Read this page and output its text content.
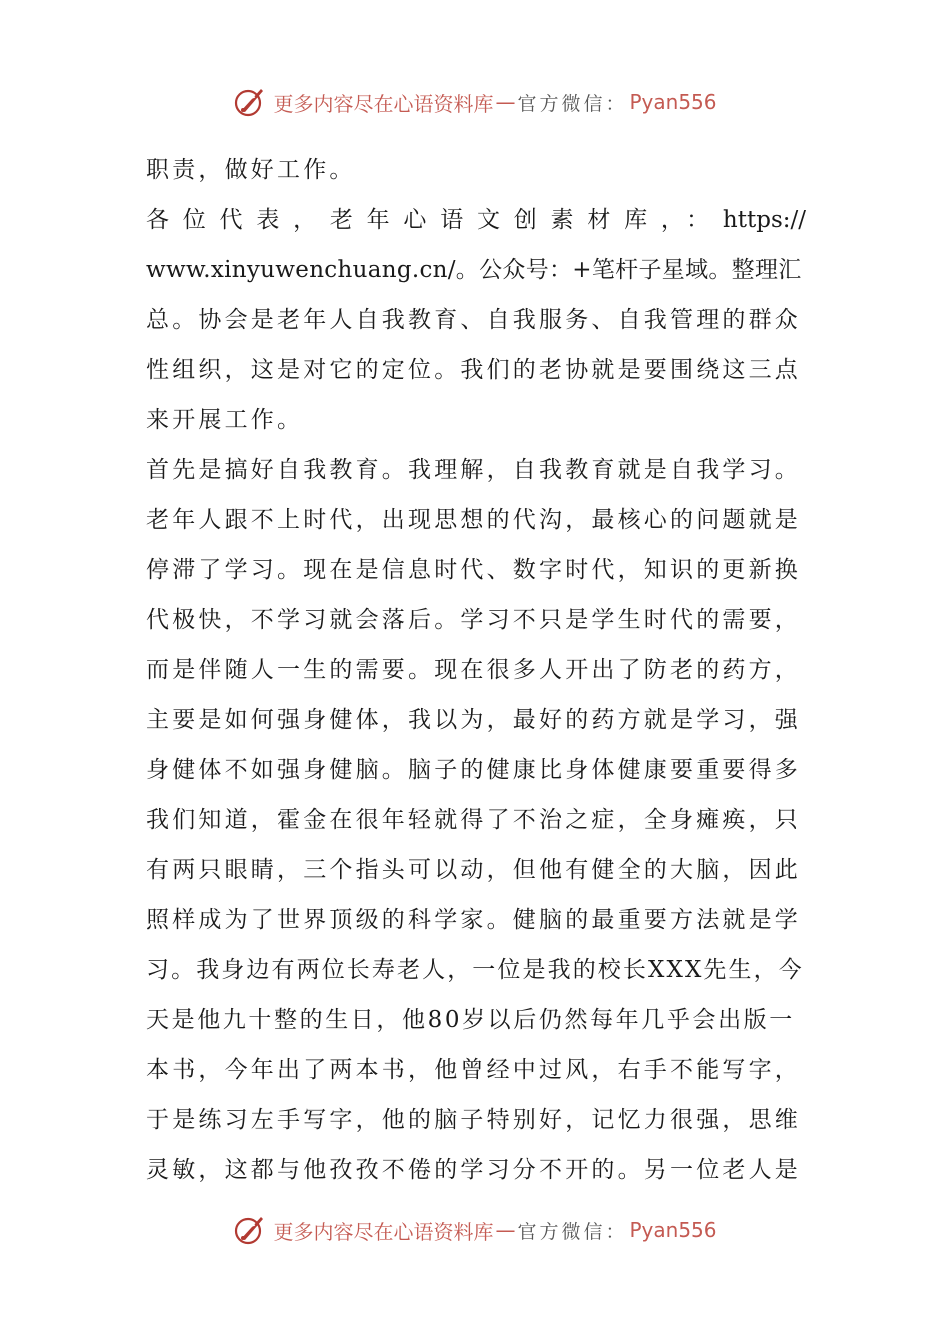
更多内容尽在心语资料库 — 官方微信： Pyan556
职责，做好工作。
各位代表，老年心语文创素材库，：https://
www.xinyuwenchuang.cn/。公众号：+笔杆子星域。整理汇
总。协会是老年人自我教育、自我服务、自我管理的群众
性组织，这是对它的定位。我们的老协就是要围绕这三点
来开展工作。
首先是搞好自我教育。我理解，自我教育就是自我学习。
老年人跟不上时代，出现思想的代沟，最核心的问题就是
停滞了学习。现在是信息时代、数字时代，知识的更新换
代极快，不学习就会落后。学习不只是学生时代的需要，
而是伴随人一生的需要。现在很多人开出了防老的药方，
主要是如何强身健体，我以为，最好的药方就是学习，强
身健体不如强身健脑。脑子的健康比身体健康要重要得多
我们知道，霍金在很年轻就得了不治之症，全身瘫痪，只
有两只眼睛，三个指头可以动，但他有健全的大脑，因此
照样成为了世界顶级的科学家。健脑的最重要方法就是学
习。我身边有两位长寿老人，一位是我的校长XXX先生，今
天是他九十整的生日，他80岁以后仍然每年几乎会出版一
本书，今年出了两本书，他曾经中过风，右手不能写字，
于是练习左手写字，他的脑子特别好，记忆力很强，思维
灵敏，这都与他孜孜不倦的学习分不开的。另一位老人是
更多内容尽在心语资料库 — 官方微信： Pyan556
